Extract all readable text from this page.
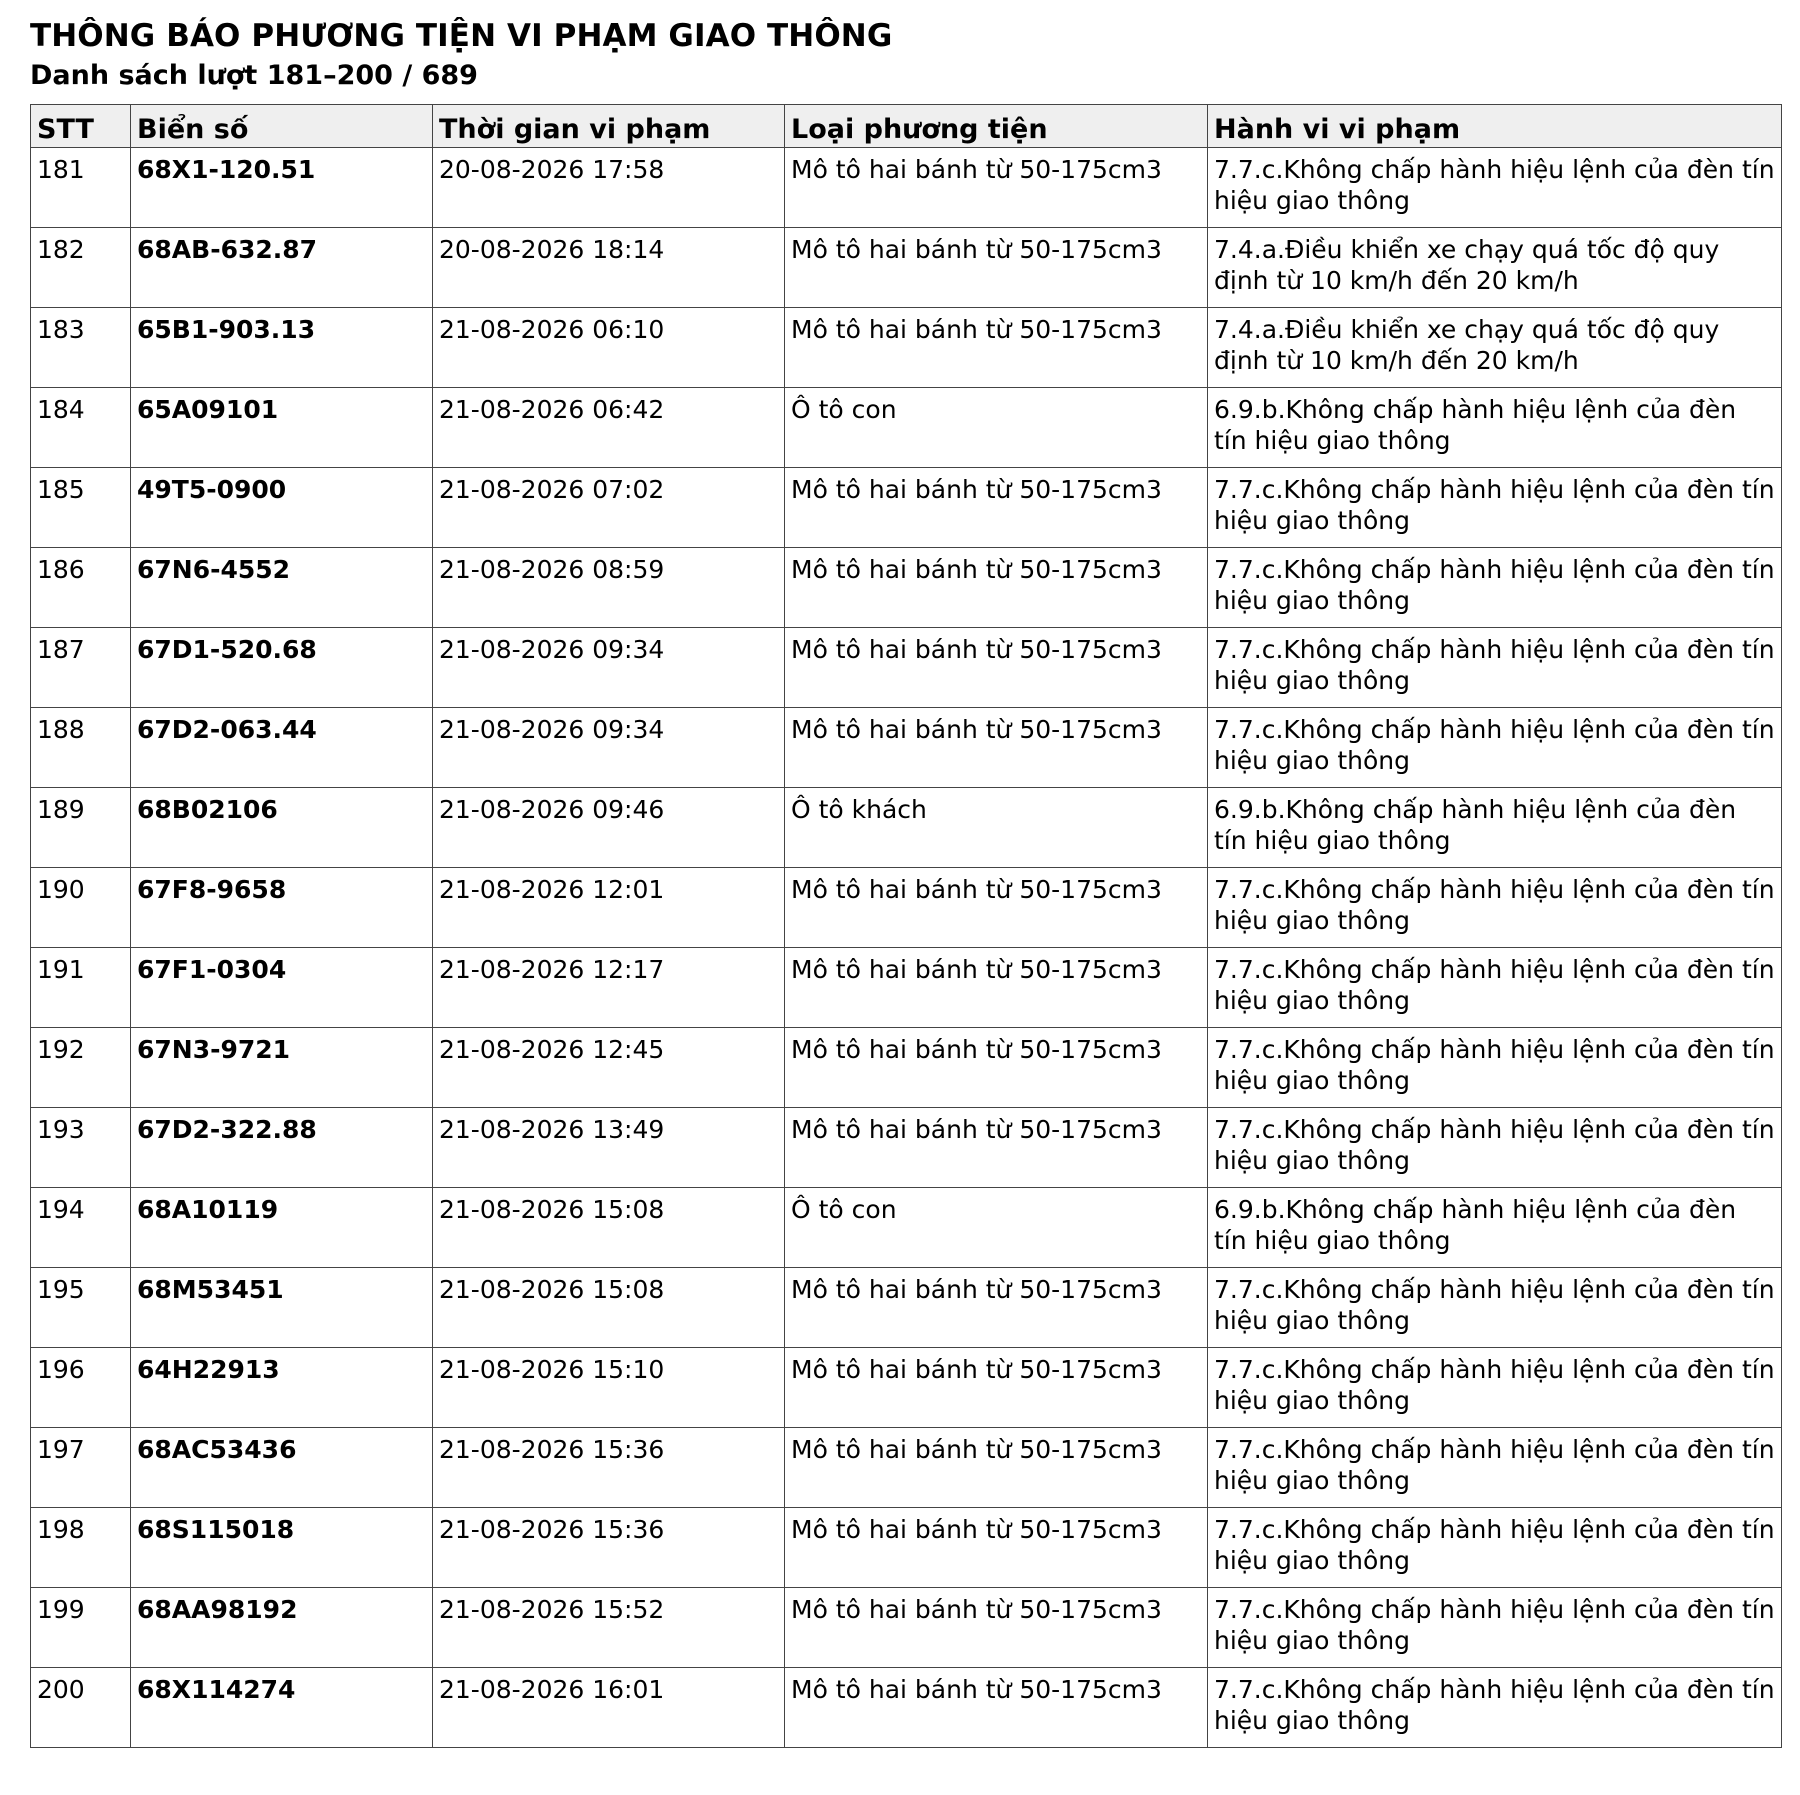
THÔNG BÁO PHƯƠNG TIỆN VI PHẠM GIAO THÔNG
Danh sách lượt 181–200 / 689
STT	Biển số	Thời gian vi phạm	Loại phương tiện	Hành vi vi phạm
181	68X1-120.51	20-08-2026 17:58	Mô tô hai bánh từ 50-175cm3	7.7.c.Không chấp hành hiệu lệnh của đèn tín hiệu giao thông
182	68AB-632.87	20-08-2026 18:14	Mô tô hai bánh từ 50-175cm3	7.4.a.Điều khiển xe chạy quá tốc độ quy định từ 10 km/h đến 20 km/h
183	65B1-903.13	21-08-2026 06:10	Mô tô hai bánh từ 50-175cm3	7.4.a.Điều khiển xe chạy quá tốc độ quy định từ 10 km/h đến 20 km/h
184	65A09101	21-08-2026 06:42	Ô tô con	6.9.b.Không chấp hành hiệu lệnh của đèn tín hiệu giao thông
185	49T5-0900	21-08-2026 07:02	Mô tô hai bánh từ 50-175cm3	7.7.c.Không chấp hành hiệu lệnh của đèn tín hiệu giao thông
186	67N6-4552	21-08-2026 08:59	Mô tô hai bánh từ 50-175cm3	7.7.c.Không chấp hành hiệu lệnh của đèn tín hiệu giao thông
187	67D1-520.68	21-08-2026 09:34	Mô tô hai bánh từ 50-175cm3	7.7.c.Không chấp hành hiệu lệnh của đèn tín hiệu giao thông
188	67D2-063.44	21-08-2026 09:34	Mô tô hai bánh từ 50-175cm3	7.7.c.Không chấp hành hiệu lệnh của đèn tín hiệu giao thông
189	68B02106	21-08-2026 09:46	Ô tô khách	6.9.b.Không chấp hành hiệu lệnh của đèn tín hiệu giao thông
190	67F8-9658	21-08-2026 12:01	Mô tô hai bánh từ 50-175cm3	7.7.c.Không chấp hành hiệu lệnh của đèn tín hiệu giao thông
191	67F1-0304	21-08-2026 12:17	Mô tô hai bánh từ 50-175cm3	7.7.c.Không chấp hành hiệu lệnh của đèn tín hiệu giao thông
192	67N3-9721	21-08-2026 12:45	Mô tô hai bánh từ 50-175cm3	7.7.c.Không chấp hành hiệu lệnh của đèn tín hiệu giao thông
193	67D2-322.88	21-08-2026 13:49	Mô tô hai bánh từ 50-175cm3	7.7.c.Không chấp hành hiệu lệnh của đèn tín hiệu giao thông
194	68A10119	21-08-2026 15:08	Ô tô con	6.9.b.Không chấp hành hiệu lệnh của đèn tín hiệu giao thông
195	68M53451	21-08-2026 15:08	Mô tô hai bánh từ 50-175cm3	7.7.c.Không chấp hành hiệu lệnh của đèn tín hiệu giao thông
196	64H22913	21-08-2026 15:10	Mô tô hai bánh từ 50-175cm3	7.7.c.Không chấp hành hiệu lệnh của đèn tín hiệu giao thông
197	68AC53436	21-08-2026 15:36	Mô tô hai bánh từ 50-175cm3	7.7.c.Không chấp hành hiệu lệnh của đèn tín hiệu giao thông
198	68S115018	21-08-2026 15:36	Mô tô hai bánh từ 50-175cm3	7.7.c.Không chấp hành hiệu lệnh của đèn tín hiệu giao thông
199	68AA98192	21-08-2026 15:52	Mô tô hai bánh từ 50-175cm3	7.7.c.Không chấp hành hiệu lệnh của đèn tín hiệu giao thông
200	68X114274	21-08-2026 16:01	Mô tô hai bánh từ 50-175cm3	7.7.c.Không chấp hành hiệu lệnh của đèn tín hiệu giao thông
